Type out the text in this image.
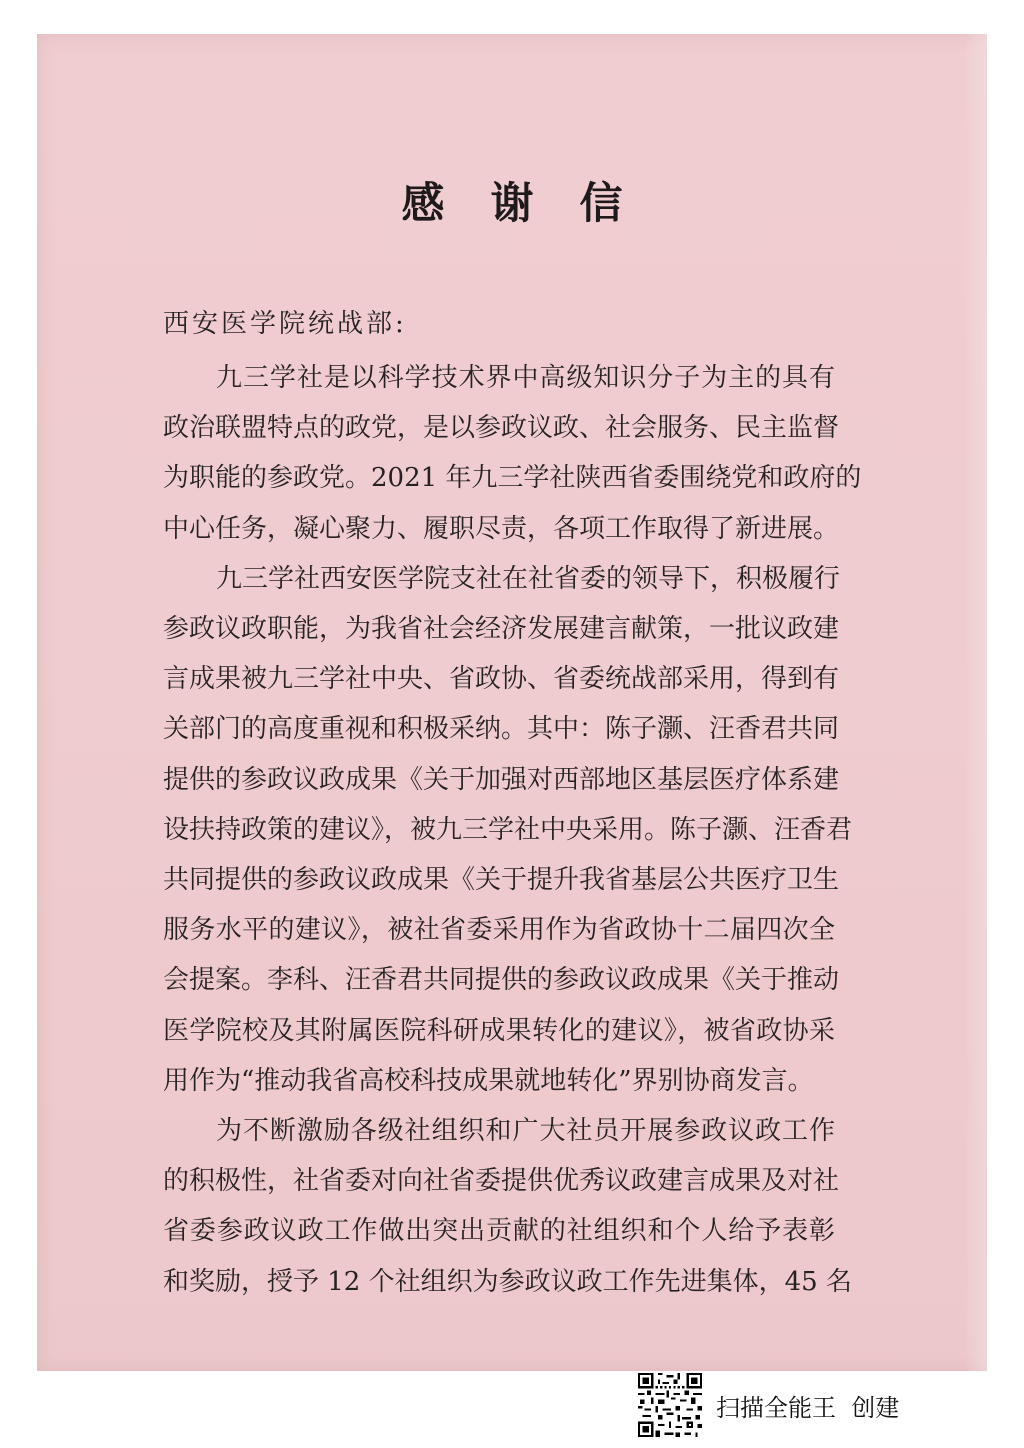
感谢信
西安医学院统战部:
九三学社是以科学技术界中高级知识分子为主的具有
政治联盟特点的政党，是以参政议政、社会服务、民主监督
为职能的参政党。2021 年九三学社陕西省委围绕党和政府的
中心任务，凝心聚力、履职尽责，各项工作取得了新进展。
九三学社西安医学院支社在社省委的领导下，积极履行
参政议政职能，为我省社会经济发展建言献策，一批议政建
言成果被九三学社中央、省政协、省委统战部采用，得到有
关部门的高度重视和积极采纳。其中：陈子灏、汪香君共同
提供的参政议政成果《关于加强对西部地区基层医疗体系建
设扶持政策的建议》，被九三学社中央采用。陈子灏、汪香君
共同提供的参政议政成果《关于提升我省基层公共医疗卫生
服务水平的建议》，被社省委采用作为省政协十二届四次全
会提案。李科、汪香君共同提供的参政议政成果《关于推动
医学院校及其附属医院科研成果转化的建议》，被省政协采
用作为“推动我省高校科技成果就地转化”界别协商发言。
为不断激励各级社组织和广大社员开展参政议政工作
的积极性，社省委对向社省委提供优秀议政建言成果及对社
省委参政议政工作做出突出贡献的社组织和个人给予表彰
和奖励，授予 12 个社组织为参政议政工作先进集体，45 名
扫描全能王  创建
